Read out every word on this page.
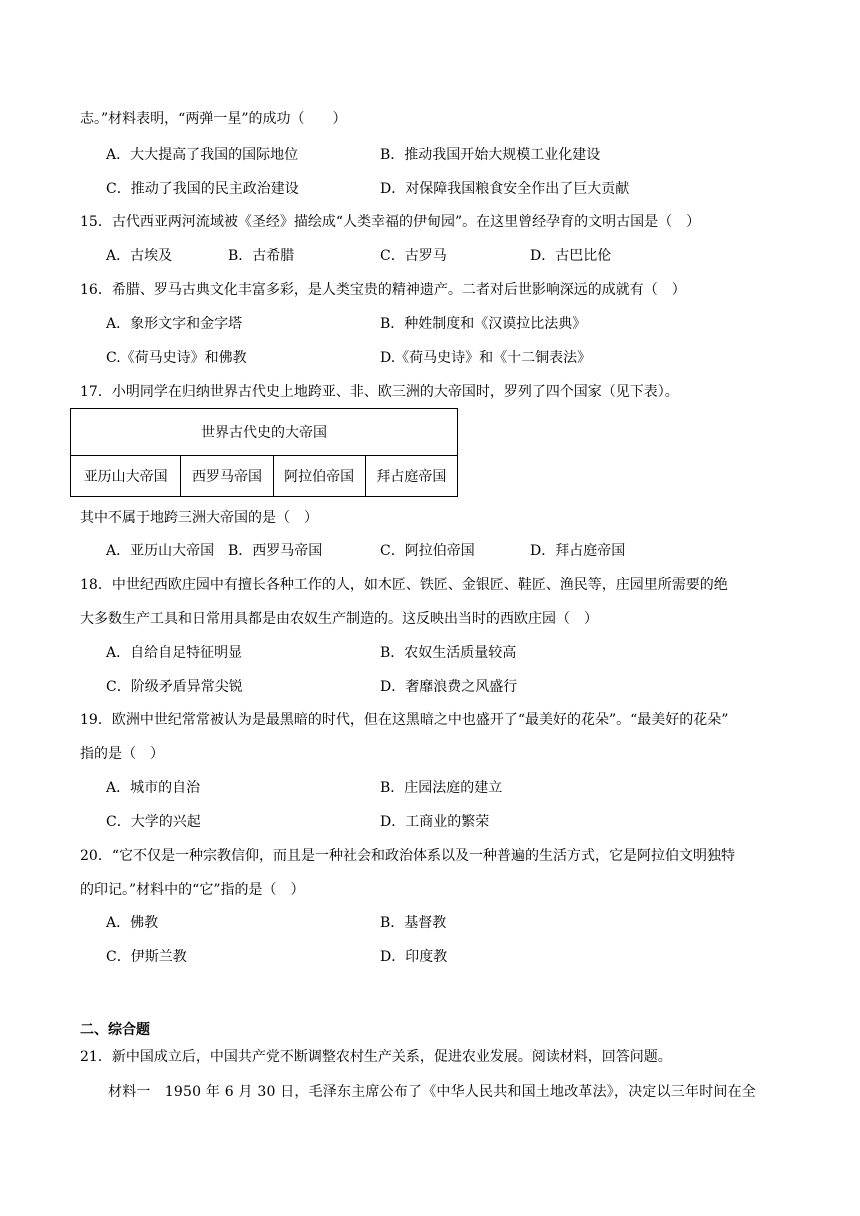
志。”材料表明，“两弹一星”的成功（　　）
A．大大提高了我国的国际地位	B．推动我国开始大规模工业化建设
C．推动了我国的民主政治建设	D．对保障我国粮食安全作出了巨大贡献
15．古代西亚两河流域被《圣经》描绘成“人类幸福的伊甸园”。在这里曾经孕育的文明古国是（　）
A．古埃及	B．古希腊	C．古罗马	D．古巴比伦
16．希腊、罗马古典文化丰富多彩，是人类宝贵的精神遗产。二者对后世影响深远的成就有（　）
A．象形文字和金字塔	B．种姓制度和《汉谟拉比法典》
C.《荷马史诗》和佛教	D.《荷马史诗》和《十二铜表法》
17．小明同学在归纳世界古代史上地跨亚、非、欧三洲的大帝国时，罗列了四个国家（见下表）。
世界古代史的大帝国
亚历山大帝国	西罗马帝国	阿拉伯帝国	拜占庭帝国
其中不属于地跨三洲大帝国的是（　）
A．亚历山大帝国 B．西罗马帝国	C．阿拉伯帝国	D．拜占庭帝国
18．中世纪西欧庄园中有擅长各种工作的人，如木匠、铁匠、金银匠、鞋匠、渔民等，庄园里所需要的绝
大多数生产工具和日常用具都是由农奴生产制造的。这反映出当时的西欧庄园（　）
A．自给自足特征明显	B．农奴生活质量较高
C．阶级矛盾异常尖锐	D．奢靡浪费之风盛行
19．欧洲中世纪常常被认为是最黑暗的时代，但在这黑暗之中也盛开了“最美好的花朵”。“最美好的花朵”
指的是（　）
A．城市的自治	B．庄园法庭的建立
C．大学的兴起	D．工商业的繁荣
20．“它不仅是一种宗教信仰，而且是一种社会和政治体系以及一种普遍的生活方式，它是阿拉伯文明独特
的印记。”材料中的“它”指的是（　）
A．佛教	B．基督教
C．伊斯兰教	D．印度教
二、综合题
21．新中国成立后，中国共产党不断调整农村生产关系，促进农业发展。阅读材料，回答问题。
材料一　1950 年 6 月 30 日，毛泽东主席公布了《中华人民共和国土地改革法》，决定以三年时间在全
